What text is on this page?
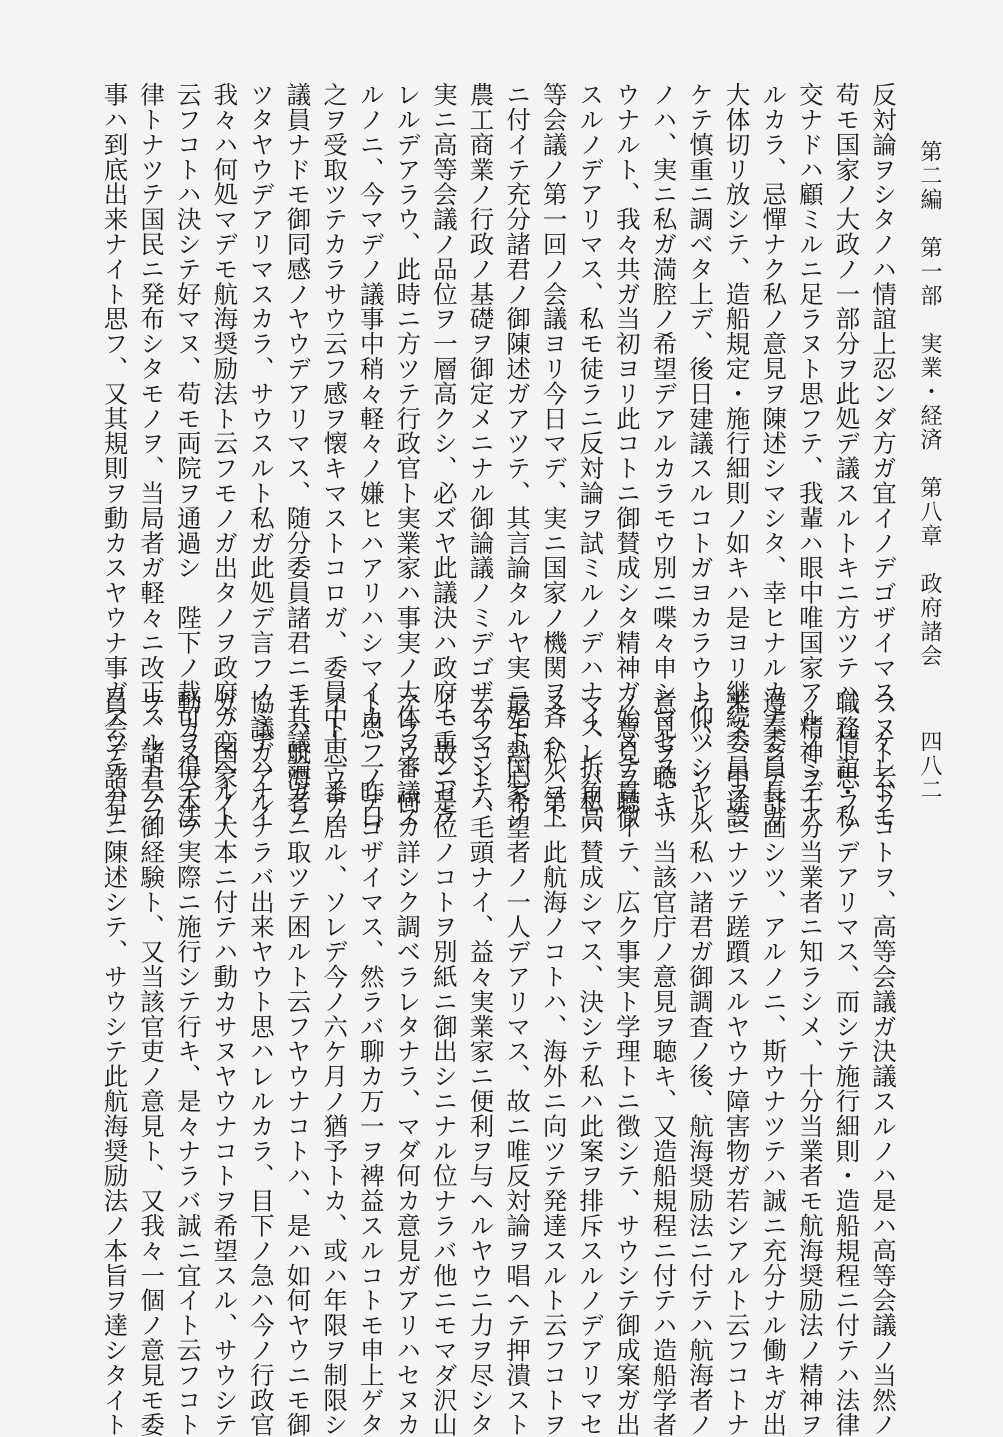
第二編　第一部　実業・経済　第八章　政府諸会
四八二

反対論ヲシタノハ情誼上忍ンダ方ガ宜イノデゴザイマス、ケレドモ

苟モ国家ノ大政ノ一部分ヲ此処デ議スルトキニ方ツテハ、情誼・私

交ナドハ顧ミルニ足ラヌト思フテ、我輩ハ眼中唯国家アルノミデア

ルカラ、忌憚ナク私ノ意見ヲ陳述シマシタ、幸ヒナルカナ委員長ガ

大体切リ放シテ、造船規定・施行細則ノ如キハ是ヨリ継続委員ヲ設

ケテ慎重ニ調ベタ上デ、後日建議スルコトガヨカラウト仰ツシヤル

ノハ、実ニ私ガ満腔ノ希望デアルカラモウ別ニ喋々申シマセヌ、サ

ウナルト、我々共ガ当初ヨリ此コトニ御賛成シタ精神ガ始メテ貫徹

スルノデアリマス、私モ徒ラニ反対論ヲ試ミルノデハナイ、折角高

等会議ノ第一回ノ会議ヨリ今日マデ、実ニ国家ノ機関ヲ斉ヘルコト

ニ付イテ充分諸君ノ御陳述ガアツテ、其言論タルヤ実ニ殆ド国家ノ

農工商業ノ行政ノ基礎ヲ御定メニナル御論議ノミデゴザイマシテ、

実ニ高等会議ノ品位ヲ一層高クシ、必ズヤ此議決ハ政府モ重ンゼラ

レルデアラウ、此時ニ方ツテ行政官ト実業家ハ事実ノ大体ヲ審議ス

ルノニ、今マデノ議事中稍々軽々ノ嫌ヒハアリハシマイカ、一昨日

之ヲ受取ツテカラサウ云フ感ヲ懐キマストコロガ、委員中十一番ノ

議員ナドモ御同感ノヤウデアリマス、随分委員諸君ニモ其議論ガア

ツタヤウデアリマスカラ、サウスルト私ガ此処デ言フノミデハナイ

我々ハ何処マデモ航海奨励法ト云フモノガ出タノヲ政府ガ変ヘルト

云フコトハ決シテ好マヌ、苟モ両院ヲ通過シ　陛下ノ裁可ヲ得テ法

律トナツテ国民ニ発布シタモノヲ、当局者ガ軽々ニ改正スルト云フ

事ハ到底出来ナイト思フ、又其規則ヲ動カスヤウナ事ガアツテハナ

ラヌト云フコトヲ、高等会議ガ決議スルノハ是ハ高等会議ノ当然ノ

職務ト思フノデアリマス、而シテ施行細則・造船規程ニ付テハ法律

ノ精神ヲ十分当業者ニ知ラシメ、十分当業者モ航海奨励法ノ精神ヲ

遵奉シテ計画シツ、アルノニ、斯ウナツテハ誠ニ充分ナル働キガ出

来ヌ、中途ニナツテ蹉躓スルヤウナ障害物ガ若シアルト云フコトナ

ラバ、ソレハ私ハ諸君ガ御調査ノ後、航海奨励法ニ付テハ航海者ノ

意見ヲ聴キ、当該官庁ノ意見ヲ聴キ、又造船規程ニ付テハ造船学者

ノ意見ヲ聴イテ、広ク事実ト学理トニ徴シテ、サウシテ御成案ガ出

マスレバ私ハ賛成シマス、決シテ私ハ此案ヲ排斥スルノデアリマセ

ヌ、私ハ第一此航海ノコトハ、海外ニ向ツテ発達スルト云フコトヲ

最モ熱心希望者ノ一人デアリマス、故ニ唯反対論ヲ唱ヘテ押潰スト

云フコトハ毛頭ナイ、益々実業家ニ便利ヲ与ヘルヤウニ力ヲ尽シタ

イ、故ニ是位ノコトヲ別紙ニ御出シニナル位ナラバ他ニモマダ沢山

アラウ、何カ詳シク調ベラレタナラ、マダ何カ意見ガアリハセヌカ

ト思フノデゴザイマス、然ラバ聊カ万一ヲ裨益スルコトモ申上ゲタ

イト思ウテ居ル、ソレデ今ノ六ケ月ノ猶予トカ、或ハ年限ヲ制限シ

テハ航海者ニ取ツテ困ルト云フヤウナコトハ、是ハ如何ヤウニモ御

協議ガアルナラバ出来ヤウト思ハレルカラ、目下ノ急ハ今ノ行政官

ガ、国家ノ大本ニ付テハ動カサヌヤウナコトヲ希望スル、サウシテ

動カヌ大本ヲ実際ニ施行シテ行キ、是々ナラバ誠ニ宜イト云フコト

ヲ、諸君ノ御経験ト、又当該官吏ノ意見ト、又我々一個ノ意見モ委

員会デ諸君ニ陳述シテ、サウシテ此航海奨励法ノ本旨ヲ達シタイト
